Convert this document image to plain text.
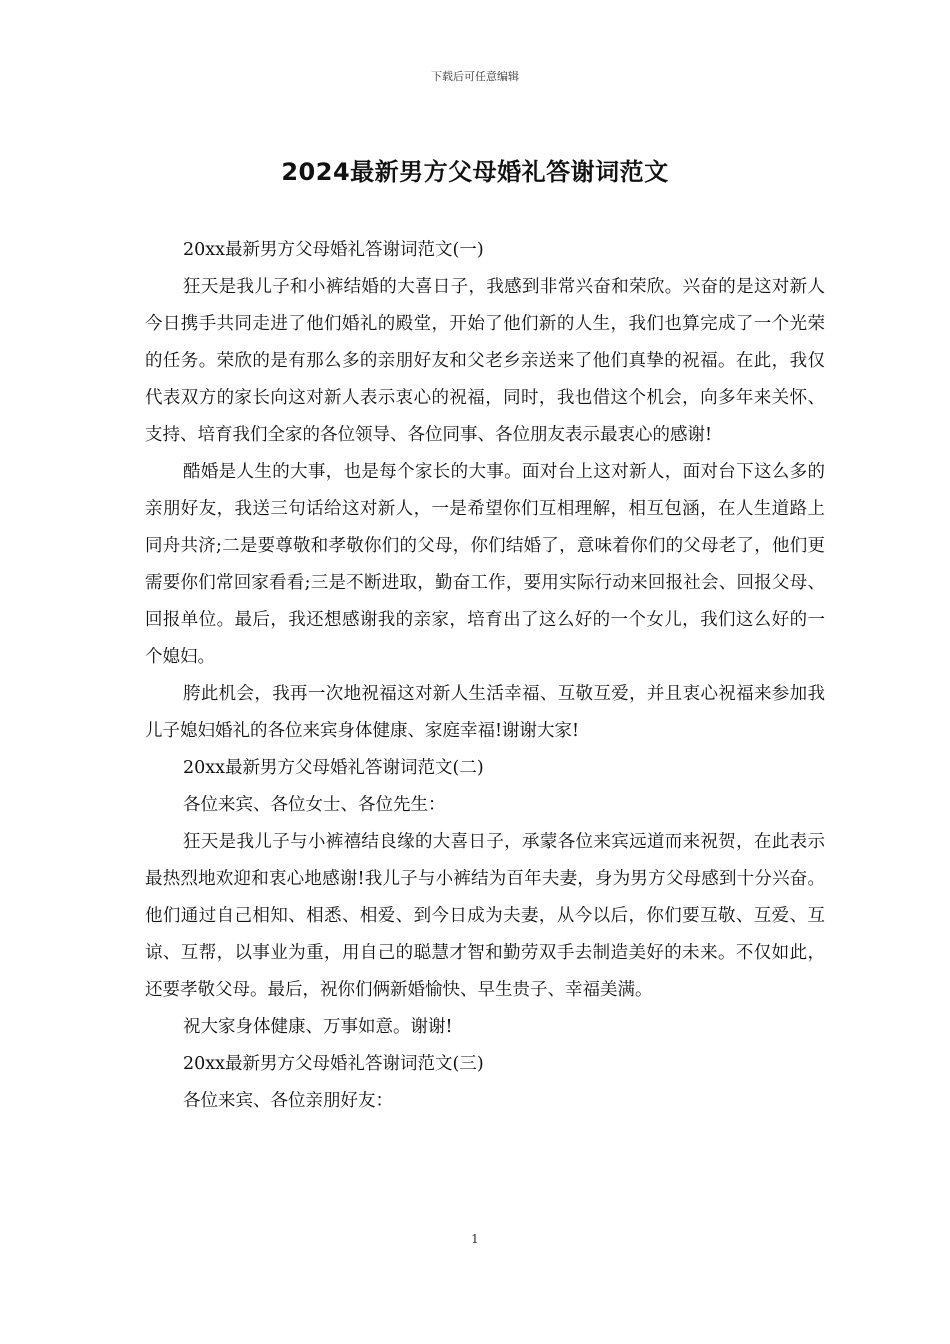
下载后可任意编辑
2024最新男方父母婚礼答谢词范文

20xx最新男方父母婚礼答谢词范文(一)

狂天是我儿子和小裤结婚的大喜日子，我感到非常兴奋和荣欣。兴奋的是这对新人今日携手共同走进了他们婚礼的殿堂，开始了他们新的人生，我们也算完成了一个光荣的任务。荣欣的是有那么多的亲朋好友和父老乡亲送来了他们真挚的祝福。在此，我仅代表双方的家长向这对新人表示衷心的祝福，同时，我也借这个机会，向多年来关怀、支持、培育我们全家的各位领导、各位同事、各位朋友表示最衷心的感谢!

酷婚是人生的大事，也是每个家长的大事。面对台上这对新人，面对台下这么多的亲朋好友，我送三句话给这对新人，一是希望你们互相理解，相互包涵，在人生道路上同舟共济;二是要尊敬和孝敬你们的父母，你们结婚了，意味着你们的父母老了，他们更需要你们常回家看看;三是不断进取，勤奋工作，要用实际行动来回报社会、回报父母、回报单位。最后，我还想感谢我的亲家，培育出了这么好的一个女儿，我们这么好的一个媳妇。

胯此机会，我再一次地祝福这对新人生活幸福、互敬互爱，并且衷心祝福来参加我儿子媳妇婚礼的各位来宾身体健康、家庭幸福!谢谢大家!

20xx最新男方父母婚礼答谢词范文(二)

各位来宾、各位女士、各位先生：

狂天是我儿子与小裤禧结良缘的大喜日子，承蒙各位来宾远道而来祝贺，在此表示最热烈地欢迎和衷心地感谢!我儿子与小裤结为百年夫妻，身为男方父母感到十分兴奋。他们通过自己相知、相悉、相爱、到今日成为夫妻，从今以后，你们要互敬、互爱、互谅、互帮，以事业为重，用自己的聪慧才智和勤劳双手去制造美好的未来。不仅如此，还要孝敬父母。最后，祝你们俩新婚愉快、早生贵子、幸福美满。

祝大家身体健康、万事如意。谢谢!

20xx最新男方父母婚礼答谢词范文(三)

各位来宾、各位亲朋好友：

1
